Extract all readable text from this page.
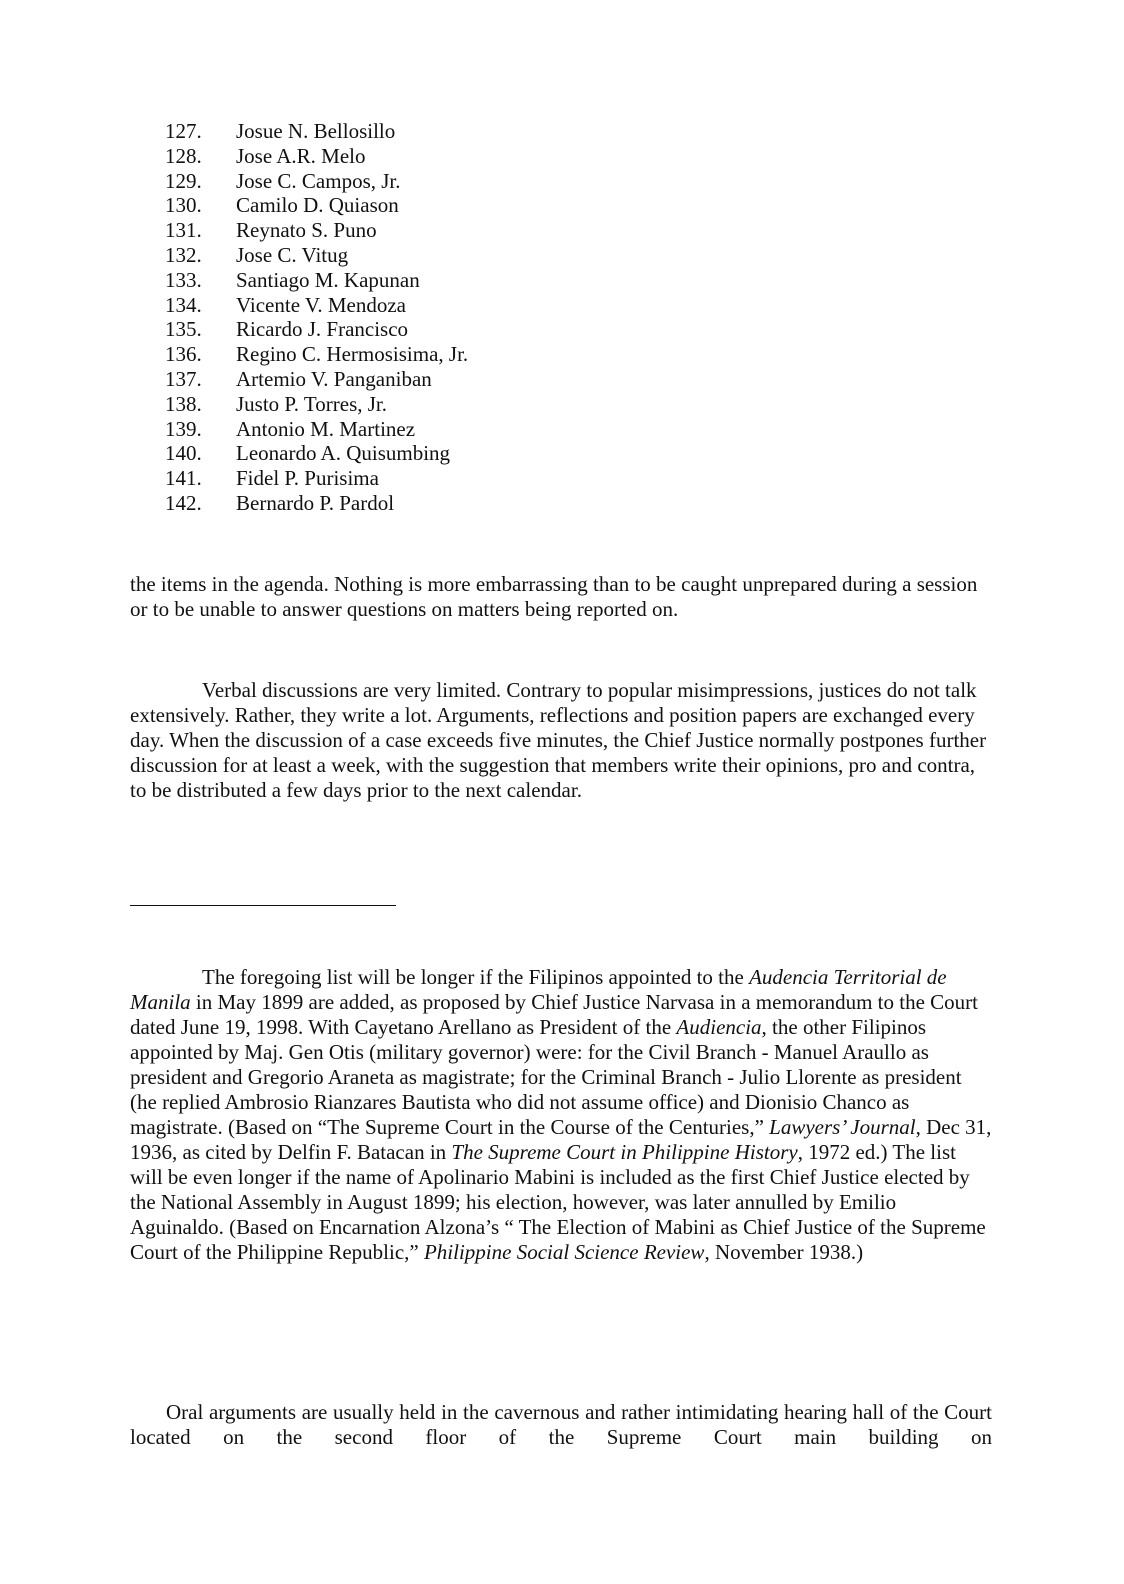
127.	Josue N. Bellosillo
128.	Jose A.R. Melo
129.	Jose C. Campos, Jr.
130.	Camilo D. Quiason
131.	Reynato S. Puno
132.	Jose C. Vitug
133.	Santiago M. Kapunan
134.	Vicente V. Mendoza
135.	Ricardo J. Francisco
136.	Regino C. Hermosisima, Jr.
137.	Artemio V. Panganiban
138.	Justo P. Torres, Jr.
139.	Antonio M. Martinez
140.	Leonardo A. Quisumbing
141.	Fidel P. Purisima
142.	Bernardo P. Pardol

the items in the agenda. Nothing is more embarrassing than to be caught unprepared during a session or to be unable to answer questions on matters being reported on.

Verbal discussions are very limited. Contrary to popular misimpressions, justices do not talk extensively. Rather, they write a lot. Arguments, reflections and position papers are exchanged every day. When the discussion of a case exceeds five minutes, the Chief Justice normally postpones further discussion for at least a week, with the suggestion that members write their opinions, pro and contra, to be distributed a few days prior to the next calendar.

The foregoing list will be longer if the Filipinos appointed to the Audencia Territorial de Manila in May 1899 are added, as proposed by Chief Justice Narvasa in a memorandum to the Court dated June 19, 1998. With Cayetano Arellano as President of the Audiencia, the other Filipinos appointed by Maj. Gen Otis (military governor) were: for the Civil Branch - Manuel Araullo as president and Gregorio Araneta as magistrate; for the Criminal Branch - Julio Llorente as president (he replied Ambrosio Rianzares Bautista who did not assume office) and Dionisio Chanco as magistrate. (Based on “The Supreme Court in the Course of the Centuries,” Lawyers’ Journal, Dec 31, 1936, as cited by Delfin F. Batacan in The Supreme Court in Philippine History, 1972 ed.) The list will be even longer if the name of Apolinario Mabini is included as the first Chief Justice elected by the National Assembly in August 1899; his election, however, was later annulled by Emilio Aguinaldo. (Based on Encarnation Alzona’s “ The Election of Mabini as Chief Justice of the Supreme Court of the Philippine Republic,” Philippine Social Science Review, November 1938.)

Oral arguments are usually held in the cavernous and rather intimidating hearing hall of the Court located on the second floor of the Supreme Court main building on
